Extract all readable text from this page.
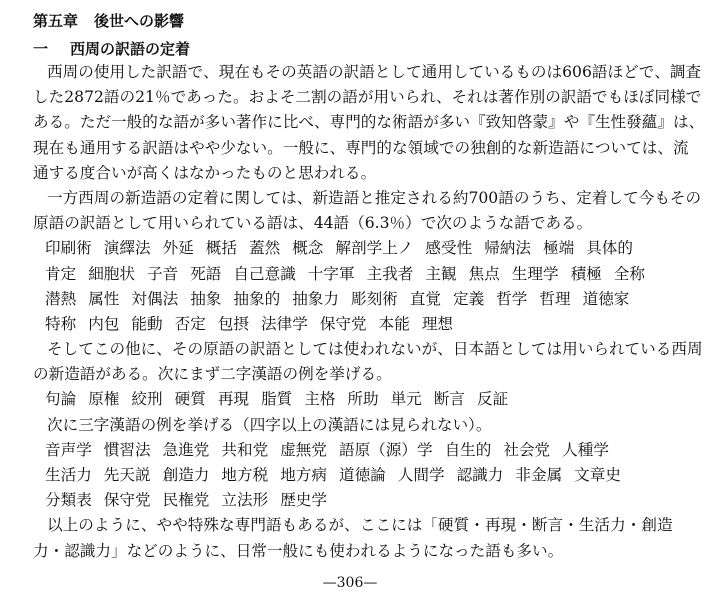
第五章 後世への影響
一 西周の訳語の定着
西 周 の 使 用 し た 訳 語 で 、 現 在 も そ の 英 語 の 訳 語 と し て 通 用 し て い る も の は 6 0 6 語 ほ ど で 、 調 査
し た 2 8 7 2 語 の 2 1 ％ で あ っ た 。 お よ そ 二 割 の 語 が 用 い ら れ 、 そ れ は 著 作 別 の 訳 語 で も ほ ぼ 同 様 で
あ る 。 た だ 一 般 的 な 語 が 多 い 著 作 に 比 べ 、 専 門 的 な 術 語 が 多 い 『 致 知 啓 蒙 』 や 『 生 性 發 蘊 』 は 、
現 在 も 通 用 す る 訳 語 は や や 少 な い 。 一 般 に 、 専 門 的 な 領 域 で の 独 創 的 な 新 造 語 に つ い て は 、 流
通する度合いが高くはなかったものと思われる。
一 方 西 周 の 新 造 語 の 定 着 に 関 し て は 、 新 造 語 と 推 定 さ れ る 約 7 0 0 語 の う ち 、 定 着 し て 今 も そ の
原語の訳語として用いられている語は、44語（6.3％）で次のような語である。
印刷術 演繹法 外延 概括 蓋然 概念 解剖学上ノ 感受性 帰納法 極端 具体的
肯定 細胞状 子音 死語 自己意識 十字軍 主我者 主観 焦点 生理学 積極 全称
潜熱 属性 対偶法 抽象 抽象的 抽象力 彫刻術 直覚 定義 哲学 哲理 道徳家
特称 内包 能動 否定 包摂 法律学 保守党 本能 理想
そ し て こ の 他 に 、 そ の 原 語 の 訳 語 と し て は 使 わ れ な い が 、 日 本 語 と し て は 用 い ら れ て い る 西 周
の新造語がある。次にまず二字漢語の例を挙げる。
句論 原権 絞刑 硬質 再現 脂質 主格 所助 単元 断言 反証
次に三字漢語の例を挙げる（四字以上の漢語には見られない）。
音声学 慣習法 急進党 共和党 虚無党 語原（源）学 自生的 社会党 人種学
生活力 先天説 創造力 地方税 地方病 道徳論 人間学 認識力 非金属 文章史
分類表 保守党 民権党 立法形 歴史学
以 上 の よ う に 、 や や 特 殊 な 専 門 語 も あ る が 、 こ こ に は 「 硬 質 ・ 再 現 ・ 断 言 ・ 生 活 力 ・ 創 造
力・認識力」などのように、日常一般にも使われるようになった語も多い。
—306—
